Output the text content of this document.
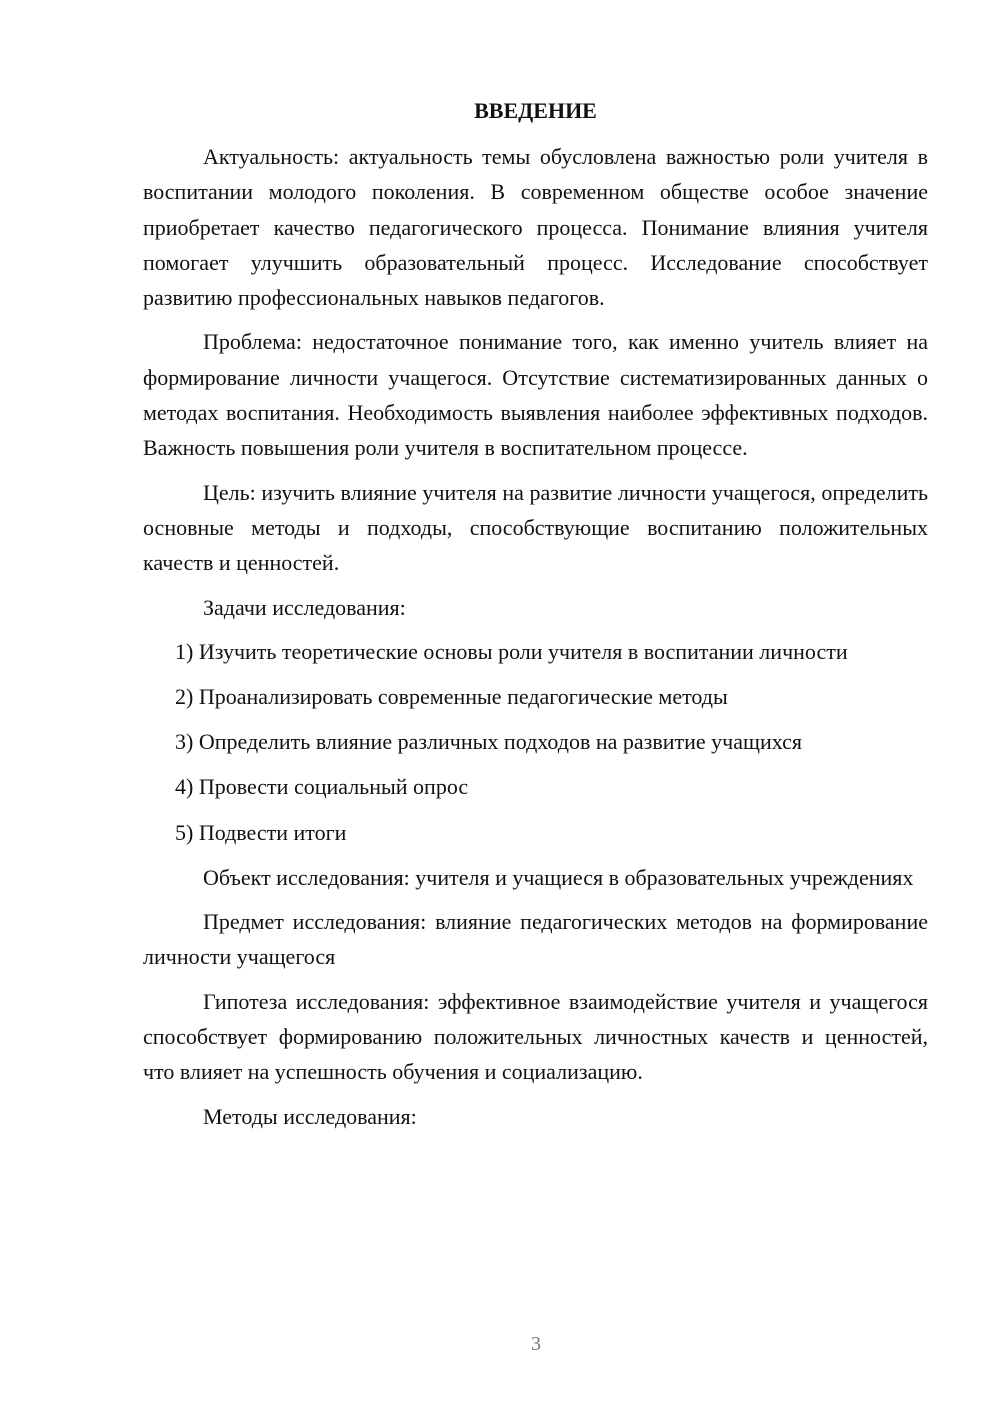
ВВЕДЕНИЕ

Актуальность: актуальность темы обусловлена важностью роли учителя в воспитании молодого поколения. В современном обществе особое значение приобретает качество педагогического процесса. Понимание влияния учителя помогает улучшить образовательный процесс. Исследование способствует развитию профессиональных навыков педагогов.

Проблема: недостаточное понимание того, как именно учитель влияет на формирование личности учащегося. Отсутствие систематизированных данных о методах воспитания. Необходимость выявления наиболее эффективных подходов. Важность повышения роли учителя в воспитательном процессе.

Цель: изучить влияние учителя на развитие личности учащегося, определить основные методы и подходы, способствующие воспитанию положительных качеств и ценностей.

Задачи исследования:

1) Изучить теоретические основы роли учителя в воспитании личности
2) Проанализировать современные педагогические методы
3) Определить влияние различных подходов на развитие учащихся
4) Провести социальный опрос
5) Подвести итоги

Объект исследования: учителя и учащиеся в образовательных учреждениях

Предмет исследования: влияние педагогических методов на формирование личности учащегося

Гипотеза исследования: эффективное взаимодействие учителя и учащегося способствует формированию положительных личностных качеств и ценностей, что влияет на успешность обучения и социализацию.

Методы исследования:

3
